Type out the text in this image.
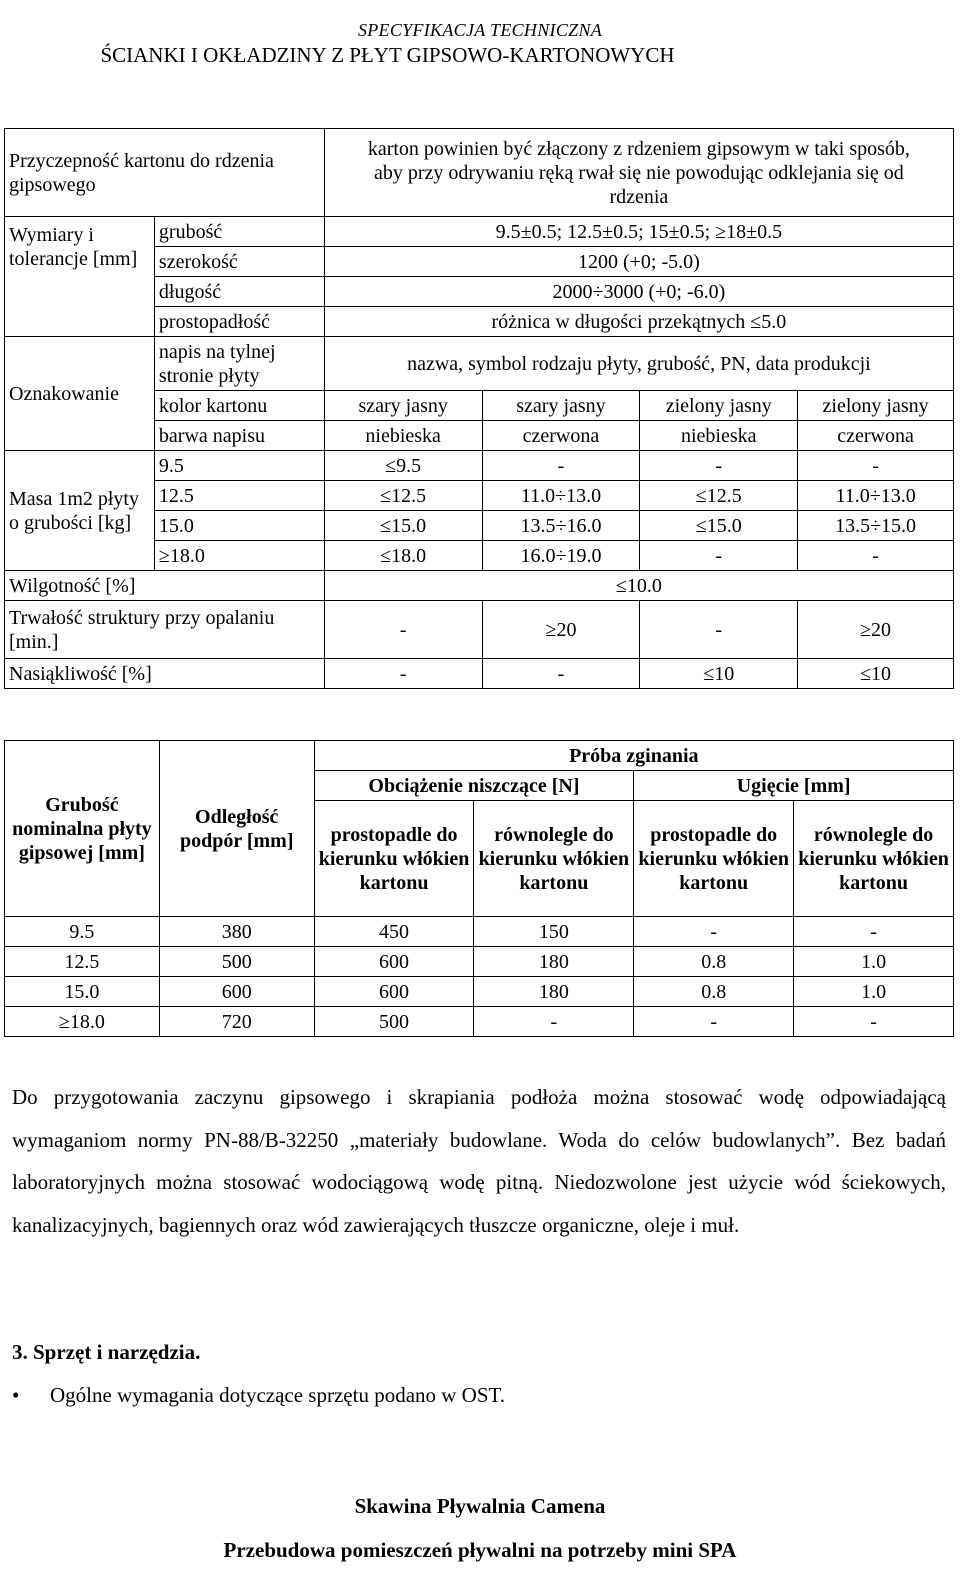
SPECYFIKACJA TECHNICZNA
ŚCIANKI I OKŁADZINY Z PŁYT GIPSOWO-KARTONOWYCH
Przyczepność kartonu do rdzenia gipsowego		karton powinien być złączony z rdzeniem gipsowym w taki sposób, aby przy odrywaniu ręką rwał się nie powodując odklejania się od rdzenia			
Wymiary i tolerancje [mm]	grubość	9.5±0.5; 12.5±0.5; 15±0.5; ≥18±0.5			
	szerokość	1200 (+0; -5.0)			
	długość	2000÷3000 (+0; -6.0)			
	prostopadłość	różnica w długości przekątnych ≤5.0			
Oznakowanie	napis na tylnej stronie płyty	nazwa, symbol rodzaju płyty, grubość, PN, data produkcji			
	kolor kartonu	szary jasny	szary jasny	zielony jasny	zielony jasny
	barwa napisu	niebieska	czerwona	niebieska	czerwona
Masa 1m2 płyty o grubości [kg]	9.5	≤9.5	-	-	-
	12.5	≤12.5	11.0÷13.0	≤12.5	11.0÷13.0
	15.0	≤15.0	13.5÷16.0	≤15.0	13.5÷15.0
	≥18.0	≤18.0	16.0÷19.0	-	-
Wilgotność [%]		≤10.0			
Trwałość struktury przy opalaniu [min.]		-	≥20	-	≥20
Nasiąkliwość [%]		-	-	≤10	≤10
Grubość nominalna płyty gipsowej [mm]	Odległość podpór [mm]	Próba zginania			
		Obciążenie niszczące [N]		Ugięcie [mm]	
		prostopadle do kierunku włókien kartonu	równolegle do kierunku włókien kartonu	prostopadle do kierunku włókien kartonu	równolegle do kierunku włókien kartonu
9.5	380	450	150	-	-
12.5	500	600	180	0.8	1.0
15.0	600	600	180	0.8	1.0
≥18.0	720	500	-	-	-
Do przygotowania zaczynu gipsowego i skrapiania podłoża można stosować wodę odpowiadającą wymaganiom normy PN-88/B-32250 „materiały budowlane. Woda do celów budowlanych”. Bez badań laboratoryjnych można stosować wodociągową wodę pitną. Niedozwolone jest użycie wód ściekowych, kanalizacyjnych, bagiennych oraz wód zawierających tłuszcze organiczne, oleje i muł.
3. Sprzęt i narzędzia.
• Ogólne wymagania dotyczące sprzętu podano w OST.
Skawina Pływalnia Camena
Przebudowa pomieszczeń pływalni na potrzeby mini SPA
